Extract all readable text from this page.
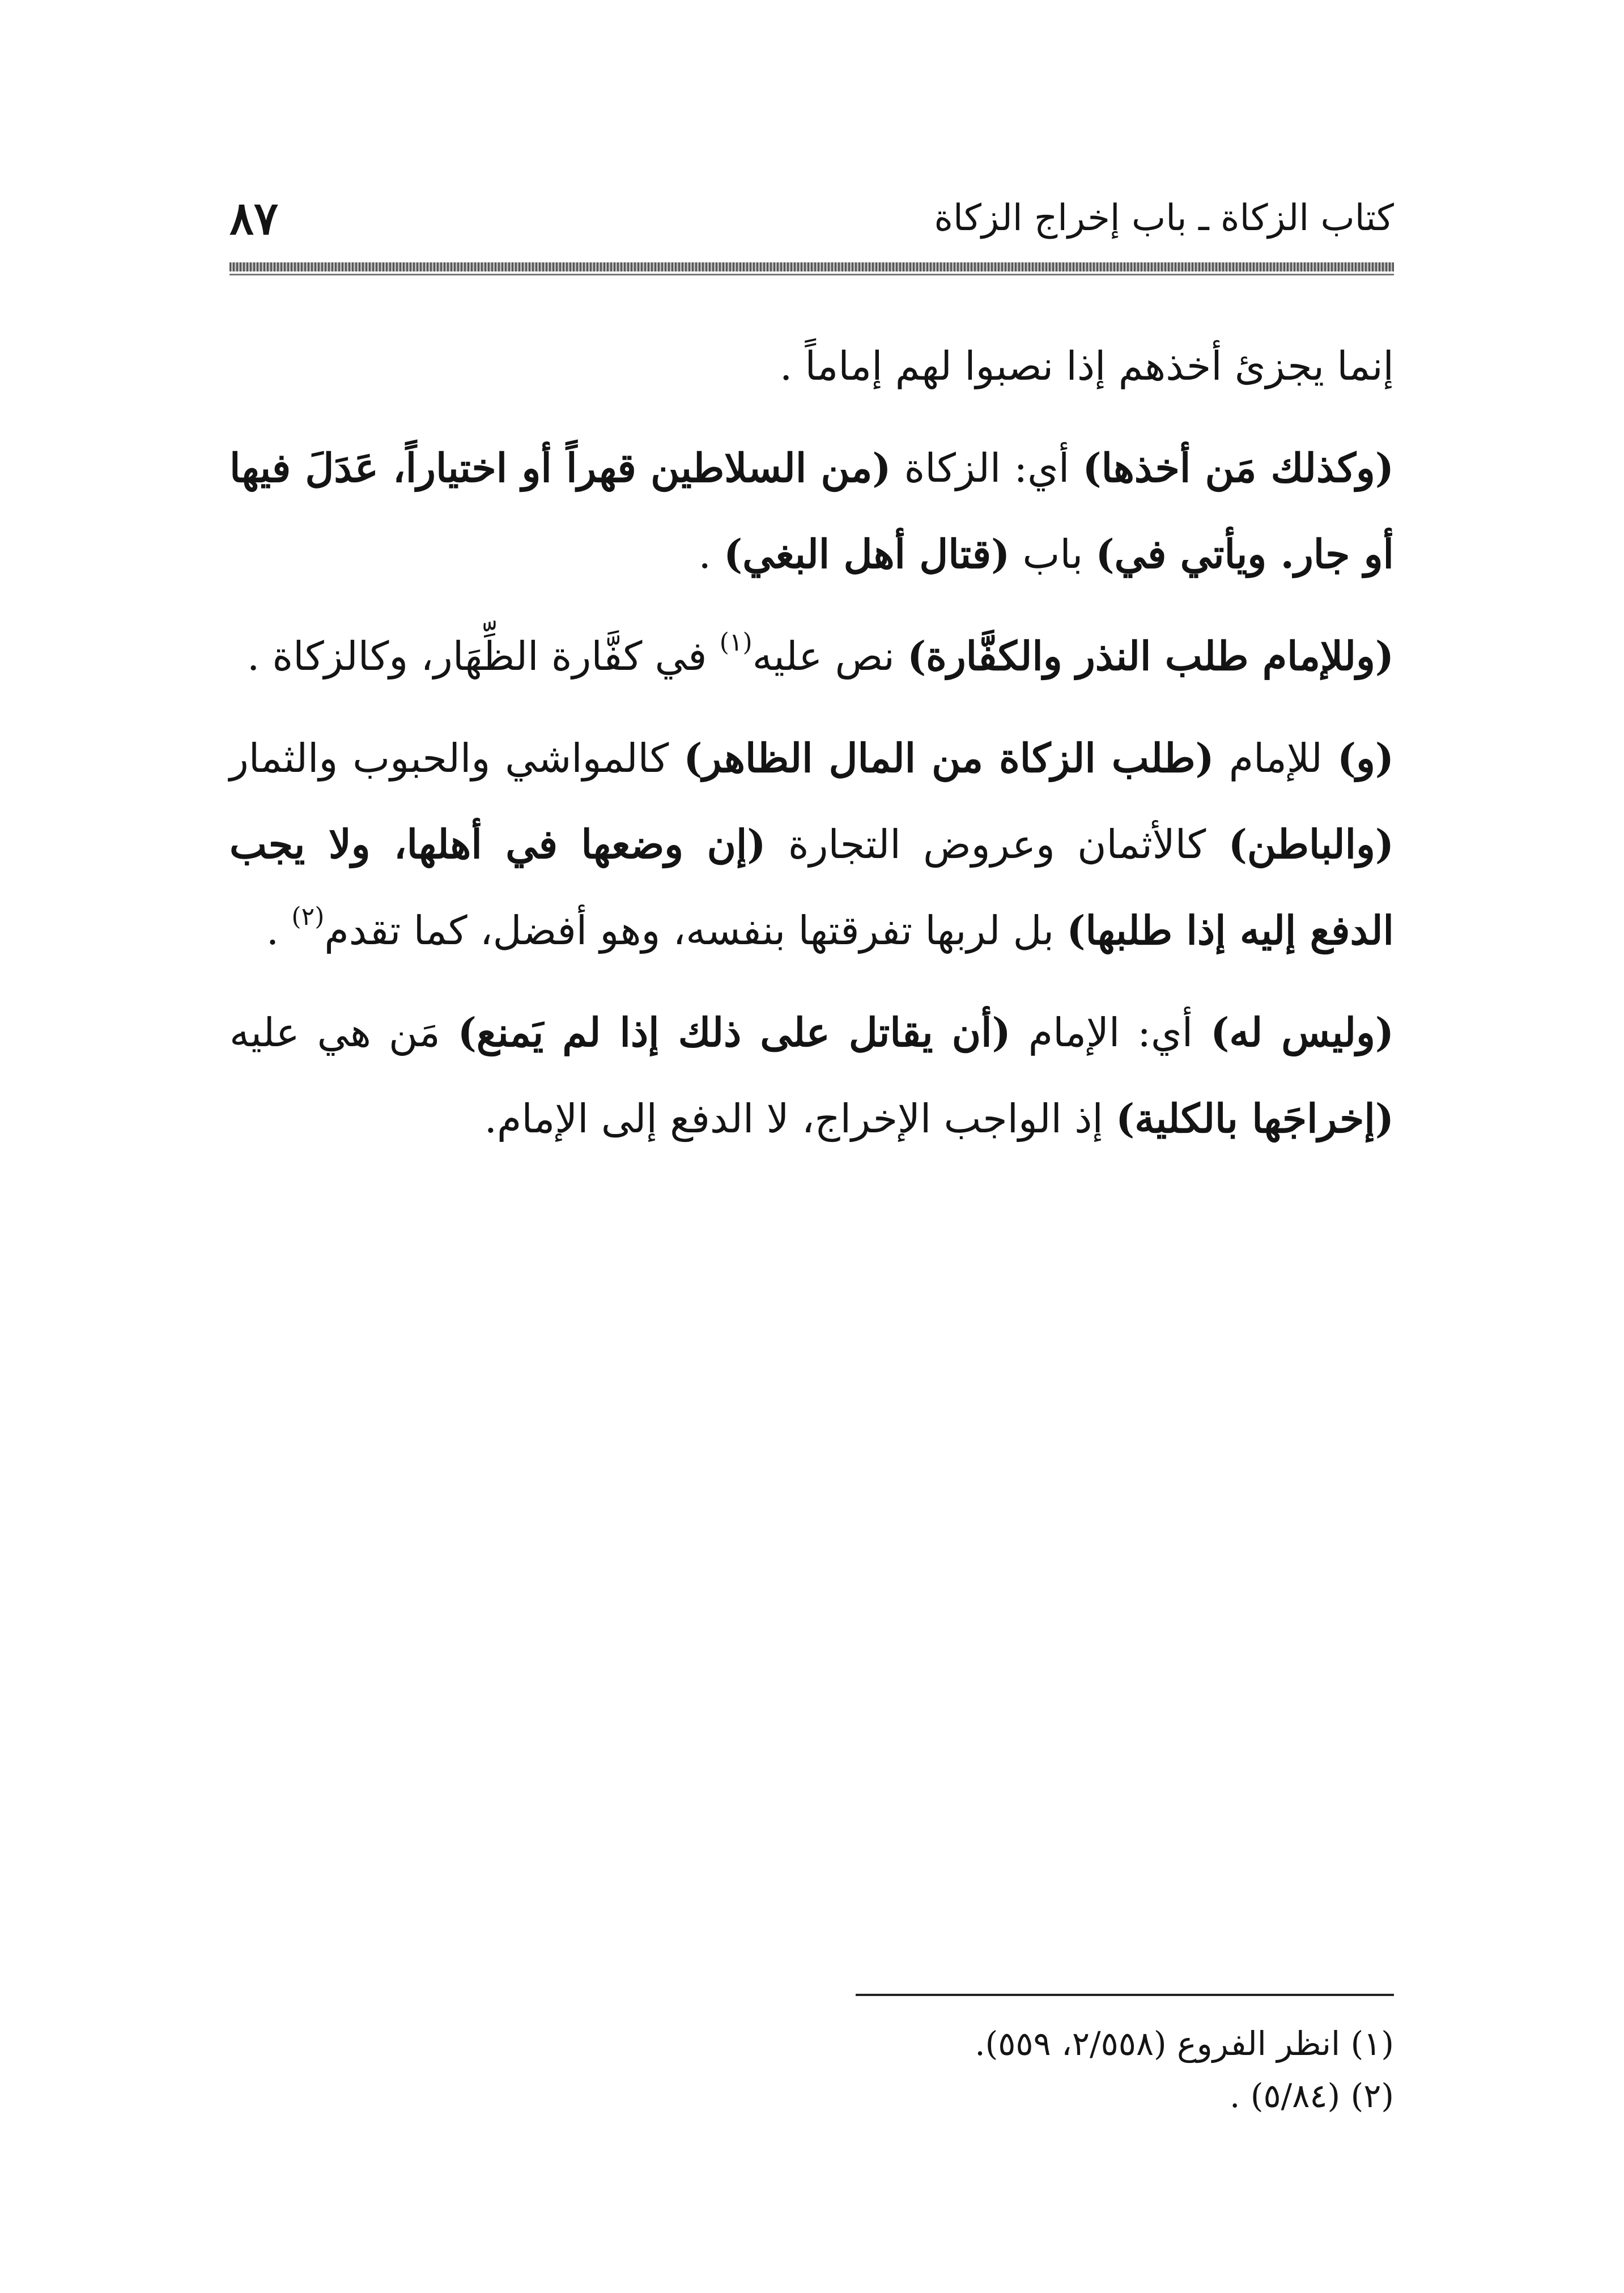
كتاب الزكاة ـ باب إخراج الزكاة
٨٧

إنما يجزئ أخذهم إذا نصبوا لهم إماماً .

(وكذلك مَن أخذها) أي: الزكاة (من السلاطين قهراً أو اختياراً، عَدَلَ فيها أو جار. ويأتي في) باب (قتال أهل البغي) .

(وللإمام طلب النذر والكفَّارة) نص عليه$^{(١)}$ في كفَّارة الظِّهَار، وكالزكاة .

(و) للإمام (طلب الزكاة من المال الظاهر) كالمواشي والحبوب والثمار (والباطن) كالأثمان وعروض التجارة (إن وضعها في أهلها، ولا يجب الدفع إليه إذا طلبها) بل لربها تفرقتها بنفسه، وهو أفضل، كما تقدم$^{(٢)}$ .

(وليس له) أي: الإمام (أن يقاتل على ذلك إذا لم يَمنع) مَن هي عليه (إخراجَها بالكلية) إذ الواجب الإخراج، لا الدفع إلى الإمام.

(١) انظر الفروع (٢/٥٥٨، ٥٥٩).
(٢) (٥/٨٤) .
